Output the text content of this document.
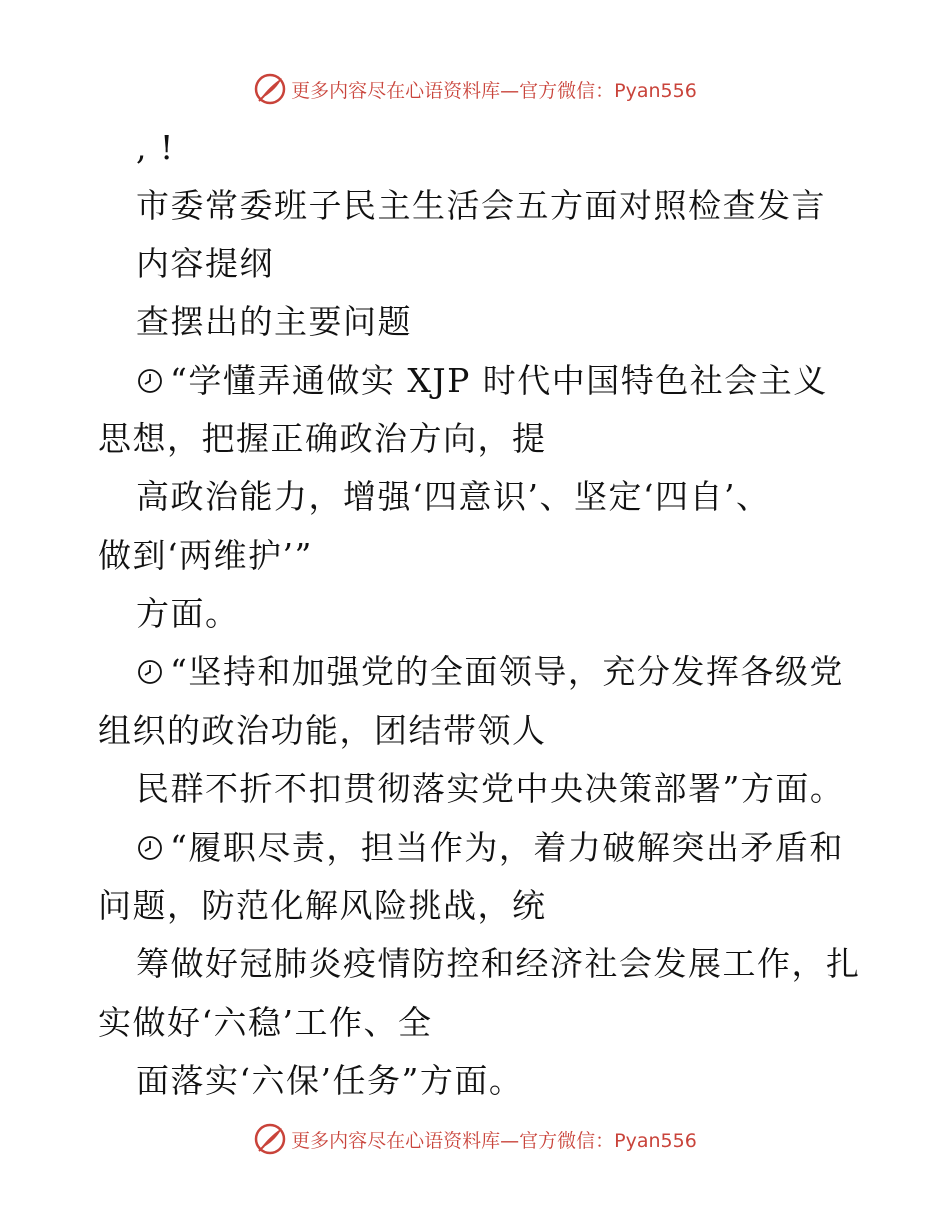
更多内容尽在心语资料库—官方微信：Pyan556
, !
市委常委班子民主生活会五方面对照检查发言
内容提纲
查摆出的主要问题
“学懂弄通做实 XJP 时代中国特色社会主义
思想，把握正确政治方向，提
高政治能力，增强‘四意识’、坚定‘四自’、
做到‘两维护’”
方面。
“坚持和加强党的全面领导，充分发挥各级党
组织的政治功能，团结带领人
民群不折不扣贯彻落实党中央决策部署”方面。
“履职尽责，担当作为，着力破解突出矛盾和
问题，防范化解风险挑战，统
筹做好冠肺炎疫情防控和经济社会发展工作，扎
实做好‘六稳’工作、全
面落实‘六保’任务”方面。
更多内容尽在心语资料库—官方微信：Pyan556
